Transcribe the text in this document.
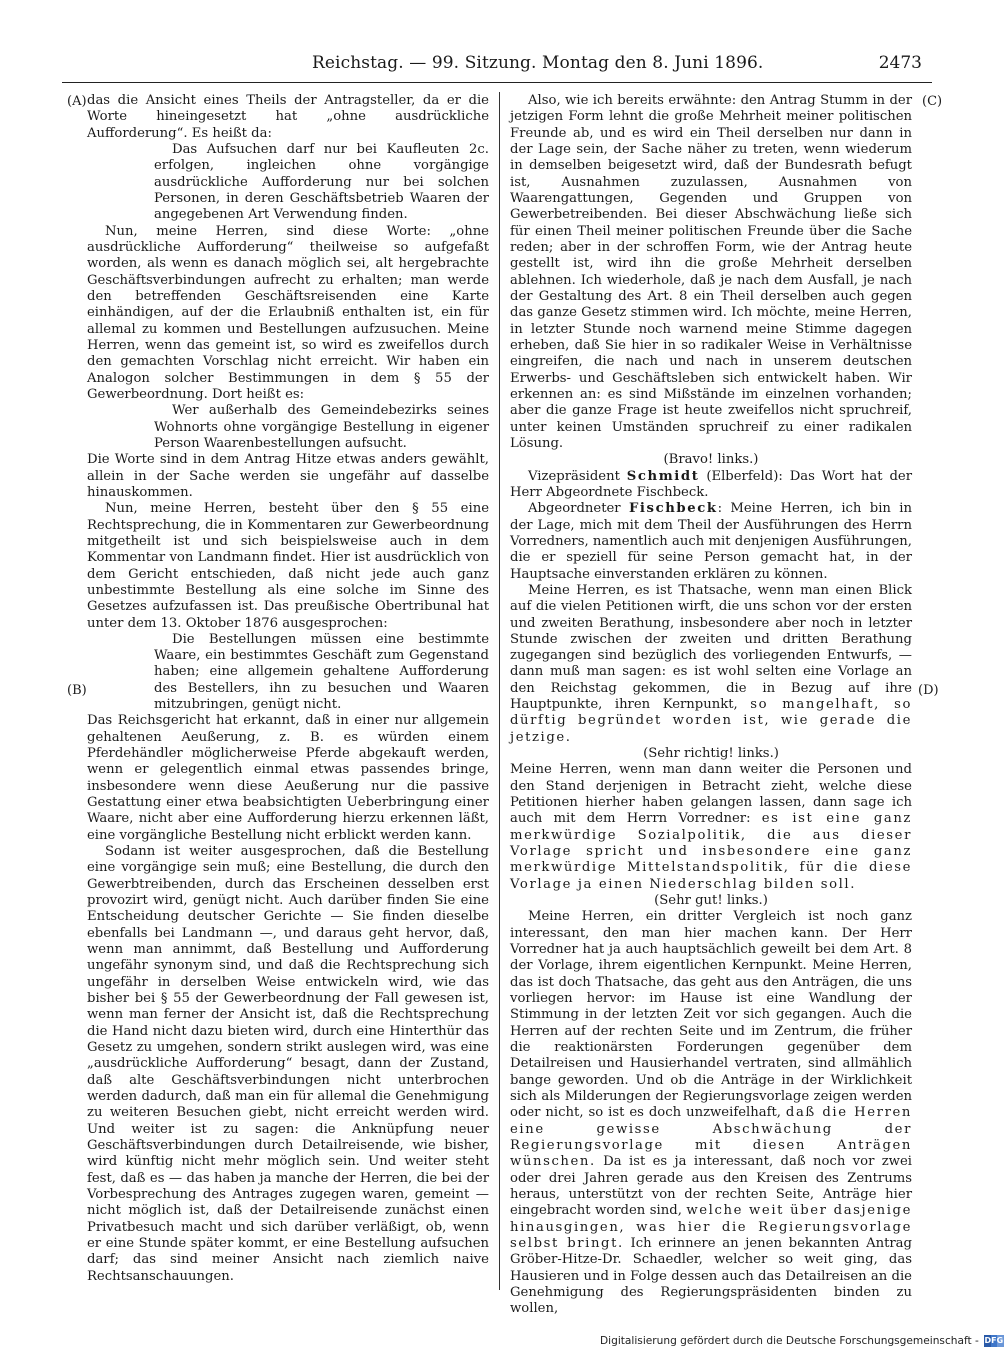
Reichstag. — 99. Sitzung. Montag den 8. Juni 1896.	2473
(A)
(B)
(C)
(D)

das die Ansicht eines Theils der Antragsteller, da er die Worte hineingesetzt hat „ohne ausdrückliche Aufforderung“. Es heißt da:

Das Aufsuchen darf nur bei Kaufleuten 2c. erfolgen, ingleichen ohne vorgängige ausdrückliche Aufforderung nur bei solchen Personen, in deren Geschäftsbetrieb Waaren der angegebenen Art Verwendung finden.

Nun, meine Herren, sind diese Worte: „ohne ausdrückliche Aufforderung“ theilweise so aufgefaßt worden, als wenn es danach möglich sei, alt hergebrachte Geschäftsverbindungen aufrecht zu erhalten; man werde den betreffenden Geschäftsreisenden eine Karte einhändigen, auf der die Erlaubniß enthalten ist, ein für allemal zu kommen und Bestellungen aufzusuchen. Meine Herren, wenn das gemeint ist, so wird es zweifellos durch den gemachten Vorschlag nicht erreicht. Wir haben ein Analogon solcher Bestimmungen in dem § 55 der Gewerbeordnung. Dort heißt es:

Wer außerhalb des Gemeindebezirks seines Wohnorts ohne vorgängige Bestellung in eigener Person Waarenbestellungen aufsucht.

Die Worte sind in dem Antrag Hitze etwas anders gewählt, allein in der Sache werden sie ungefähr auf dasselbe hinauskommen.

Nun, meine Herren, besteht über den § 55 eine Rechtsprechung, die in Kommentaren zur Gewerbeordnung mitgetheilt ist und sich beispielsweise auch in dem Kommentar von Landmann findet. Hier ist ausdrücklich von dem Gericht entschieden, daß nicht jede auch ganz unbestimmte Bestellung als eine solche im Sinne des Gesetzes aufzufassen ist. Das preußische Obertribunal hat unter dem 13. Oktober 1876 ausgesprochen:

Die Bestellungen müssen eine bestimmte Waare, ein bestimmtes Geschäft zum Gegenstand haben; eine allgemein gehaltene Aufforderung des Bestellers, ihn zu besuchen und Waaren mitzubringen, genügt nicht.

Das Reichsgericht hat erkannt, daß in einer nur allgemein gehaltenen Aeußerung, z. B. es würden einem Pferdehändler möglicherweise Pferde abgekauft werden, wenn er gelegentlich einmal etwas passendes bringe, insbesondere wenn diese Aeußerung nur die passive Gestattung einer etwa beabsichtigten Ueberbringung einer Waare, nicht aber eine Aufforderung hierzu erkennen läßt, eine vorgängliche Bestellung nicht erblickt werden kann.

Sodann ist weiter ausgesprochen, daß die Bestellung eine vorgängige sein muß; eine Bestellung, die durch den Gewerbtreibenden, durch das Erscheinen desselben erst provozirt wird, genügt nicht. Auch darüber finden Sie eine Entscheidung deutscher Gerichte — Sie finden dieselbe ebenfalls bei Landmann —, und daraus geht hervor, daß, wenn man annimmt, daß Bestellung und Aufforderung ungefähr synonym sind, und daß die Rechtsprechung sich ungefähr in derselben Weise entwickeln wird, wie das bisher bei § 55 der Gewerbeordnung der Fall gewesen ist, wenn man ferner der Ansicht ist, daß die Rechtsprechung die Hand nicht dazu bieten wird, durch eine Hinterthür das Gesetz zu umgehen, sondern strikt auslegen wird, was eine „ausdrückliche Aufforderung“ besagt, dann der Zustand, daß alte Geschäftsverbindungen nicht unterbrochen werden dadurch, daß man ein für allemal die Genehmigung zu weiteren Besuchen giebt, nicht erreicht werden wird. Und weiter ist zu sagen: die Anknüpfung neuer Geschäftsverbindungen durch Detailreisende, wie bisher, wird künftig nicht mehr möglich sein. Und weiter steht fest, daß es — das haben ja manche der Herren, die bei der Vorbesprechung des Antrages zugegen waren, gemeint — nicht möglich ist, daß der Detailreisende zunächst einen Privatbesuch macht und sich darüber verläßigt, ob, wenn er eine Stunde später kommt, er eine Bestellung aufsuchen darf; das sind meiner Ansicht nach ziemlich naive Rechtsanschauungen.

Also, wie ich bereits erwähnte: den Antrag Stumm in der jetzigen Form lehnt die große Mehrheit meiner politischen Freunde ab, und es wird ein Theil derselben nur dann in der Lage sein, der Sache näher zu treten, wenn wiederum in demselben beigesetzt wird, daß der Bundesrath befugt ist, Ausnahmen zuzulassen, Ausnahmen von Waarengattungen, Gegenden und Gruppen von Gewerbetreibenden. Bei dieser Abschwächung ließe sich für einen Theil meiner politischen Freunde über die Sache reden; aber in der schroffen Form, wie der Antrag heute gestellt ist, wird ihn die große Mehrheit derselben ablehnen. Ich wiederhole, daß je nach dem Ausfall, je nach der Gestaltung des Art. 8 ein Theil derselben auch gegen das ganze Gesetz stimmen wird. Ich möchte, meine Herren, in letzter Stunde noch warnend meine Stimme dagegen erheben, daß Sie hier in so radikaler Weise in Verhältnisse eingreifen, die nach und nach in unserem deutschen Erwerbs- und Geschäftsleben sich entwickelt haben. Wir erkennen an: es sind Mißstände im einzelnen vorhanden; aber die ganze Frage ist heute zweifellos nicht spruchreif, unter keinen Umständen spruchreif zu einer radikalen Lösung.

(Bravo! links.)

Vizepräsident Schmidt (Elberfeld): Das Wort hat der Herr Abgeordnete Fischbeck.

Abgeordneter Fischbeck: Meine Herren, ich bin in der Lage, mich mit dem Theil der Ausführungen des Herrn Vorredners, namentlich auch mit denjenigen Ausführungen, die er speziell für seine Person gemacht hat, in der Hauptsache einverstanden erklären zu können.

Meine Herren, es ist Thatsache, wenn man einen Blick auf die vielen Petitionen wirft, die uns schon vor der ersten und zweiten Berathung, insbesondere aber noch in letzter Stunde zwischen der zweiten und dritten Berathung zugegangen sind bezüglich des vorliegenden Entwurfs, — dann muß man sagen: es ist wohl selten eine Vorlage an den Reichstag gekommen, die in Bezug auf ihre Hauptpunkte, ihren Kernpunkt, so mangelhaft, so dürftig begründet worden ist, wie gerade die jetzige.

(Sehr richtig! links.)

Meine Herren, wenn man dann weiter die Personen und den Stand derjenigen in Betracht zieht, welche diese Petitionen hierher haben gelangen lassen, dann sage ich auch mit dem Herrn Vorredner: es ist eine ganz merkwürdige Sozialpolitik, die aus dieser Vorlage spricht und insbesondere eine ganz merkwürdige Mittelstandspolitik, für die diese Vorlage ja einen Niederschlag bilden soll.

(Sehr gut! links.)

Meine Herren, ein dritter Vergleich ist noch ganz interessant, den man hier machen kann. Der Herr Vorredner hat ja auch hauptsächlich geweilt bei dem Art. 8 der Vorlage, ihrem eigentlichen Kernpunkt. Meine Herren, das ist doch Thatsache, das geht aus den Anträgen, die uns vorliegen hervor: im Hause ist eine Wandlung der Stimmung in der letzten Zeit vor sich gegangen. Auch die Herren auf der rechten Seite und im Zentrum, die früher die reaktionärsten Forderungen gegenüber dem Detailreisen und Hausierhandel vertraten, sind allmählich bange geworden. Und ob die Anträge in der Wirklichkeit sich als Milderungen der Regierungsvorlage zeigen werden oder nicht, so ist es doch unzweifelhaft, daß die Herren eine gewisse Abschwächung der Regierungsvorlage mit diesen Anträgen wünschen. Da ist es ja interessant, daß noch vor zwei oder drei Jahren gerade aus den Kreisen des Zentrums heraus, unterstützt von der rechten Seite, Anträge hier eingebracht worden sind, welche weit über dasjenige hinausgingen, was hier die Regierungsvorlage selbst bringt. Ich erinnere an jenen bekannten Antrag Gröber-Hitze-Dr. Schaedler, welcher so weit ging, das Hausieren und in Folge dessen auch das Detailreisen an die Genehmigung des Regierungspräsidenten binden zu wollen,

Digitalisierung gefördert durch die Deutsche Forschungsgemeinschaft - DFG
